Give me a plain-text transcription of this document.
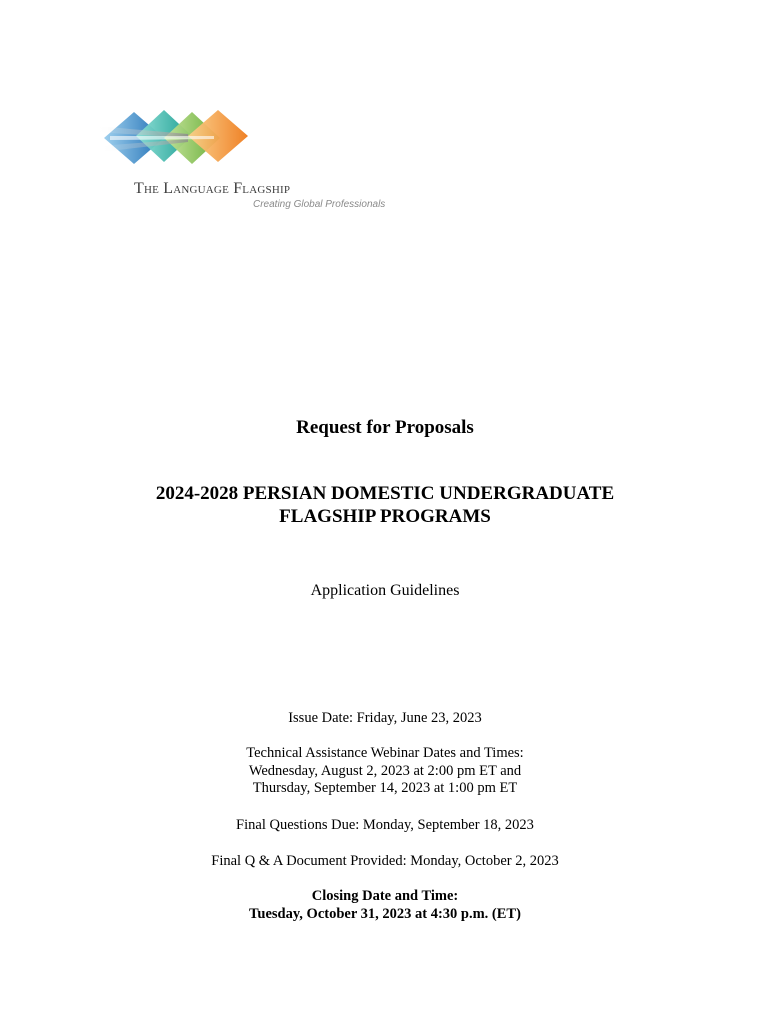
The Language Flagship
Creating Global Professionals
Request for Proposals
2024-2028 PERSIAN DOMESTIC UNDERGRADUATE
FLAGSHIP PROGRAMS
Application Guidelines
Issue Date: Friday, June 23, 2023
Technical Assistance Webinar Dates and Times:
Wednesday, August 2, 2023 at 2:00 pm ET and
Thursday, September 14, 2023 at 1:00 pm ET
Final Questions Due: Monday, September 18, 2023
Final Q & A Document Provided: Monday, October 2, 2023
Closing Date and Time:
Tuesday, October 31, 2023 at 4:30 p.m. (ET)
